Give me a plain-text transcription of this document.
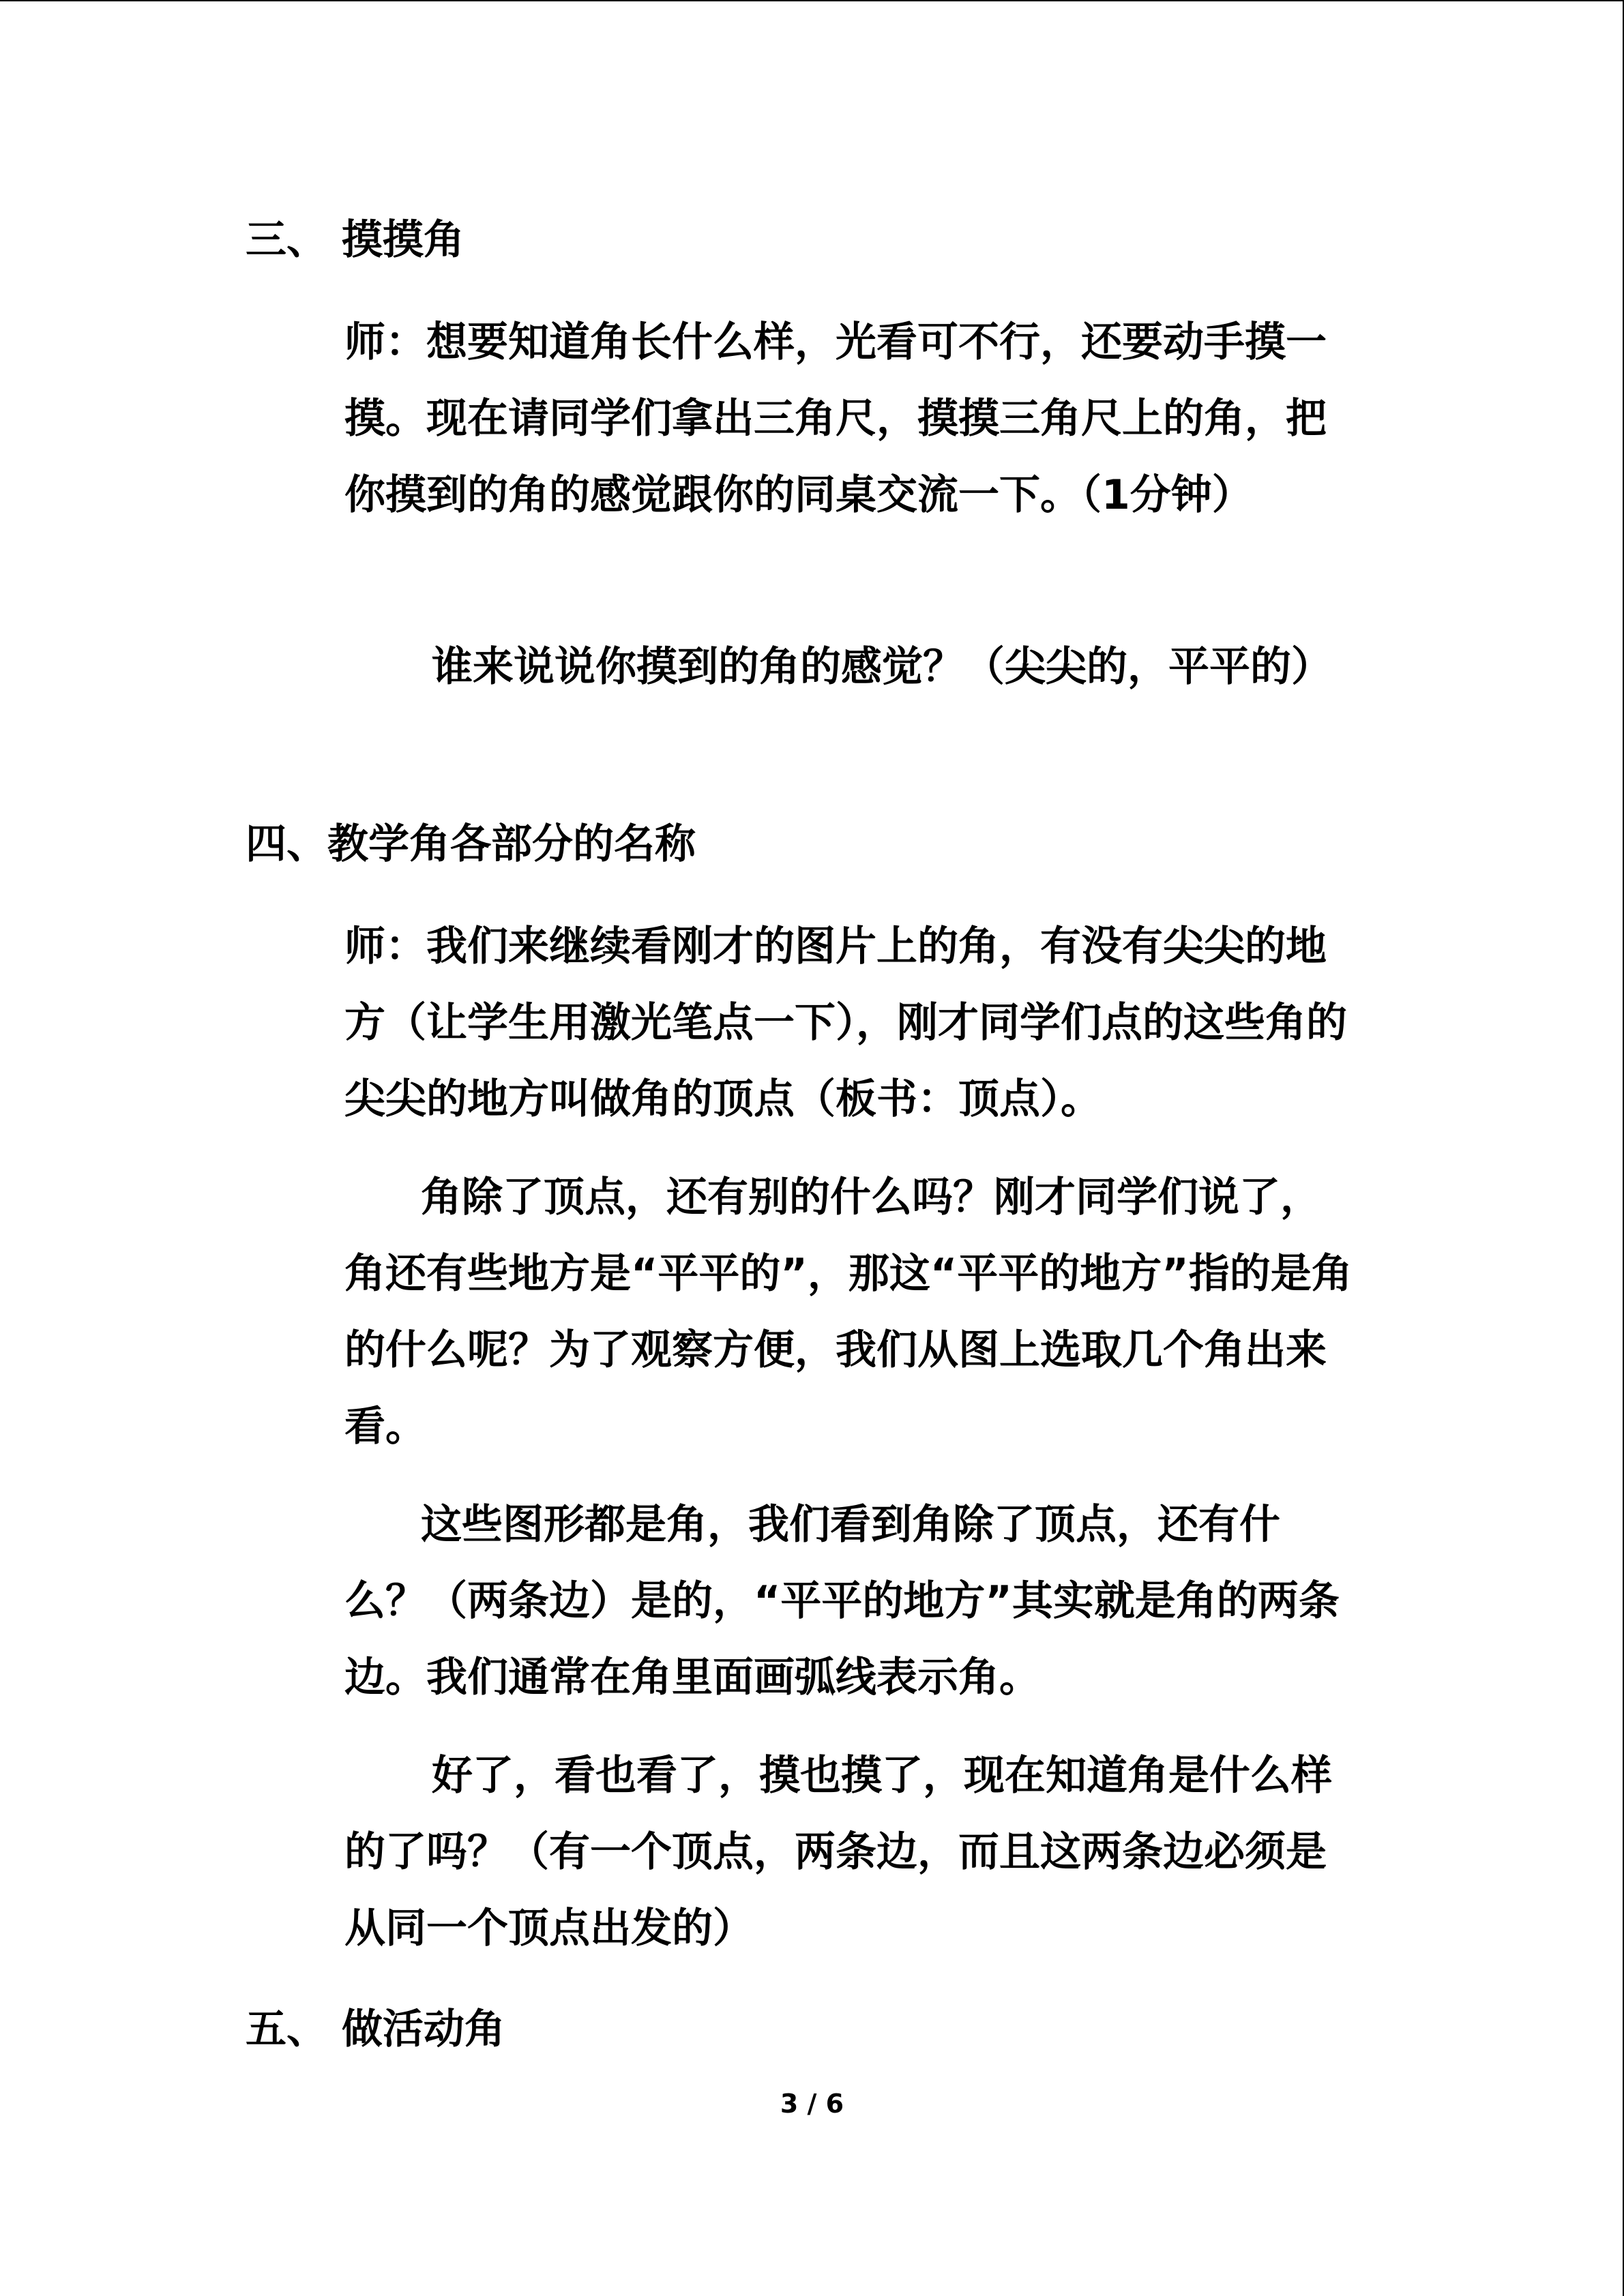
三、 摸摸角
师：想要知道角长什么样，光看可不行，还要动手摸一摸。现在请同学们拿出三角尺，摸摸三角尺上的角，把你摸到的角的感觉跟你的同桌交流一下。（1分钟）
谁来说说你摸到的角的感觉？（尖尖的，平平的）
四、教学角各部分的名称
师：我们来继续看刚才的图片上的角，有没有尖尖的地方（让学生用激光笔点一下），刚才同学们点的这些角的尖尖的地方叫做角的顶点（板书：顶点）。
角除了顶点，还有别的什么吗？刚才同学们说了，角还有些地方是“平平的”，那这“平平的地方”指的是角的什么呢？为了观察方便，我们从图上选取几个角出来看。
这些图形都是角，我们看到角除了顶点，还有什么？（两条边）是的，“平平的地方”其实就是角的两条边。我们通常在角里面画弧线表示角。
好了，看也看了，摸也摸了，现在知道角是什么样的了吗？（有一个顶点，两条边，而且这两条边必须是从同一个顶点出发的）
五、 做活动角
3 / 6
